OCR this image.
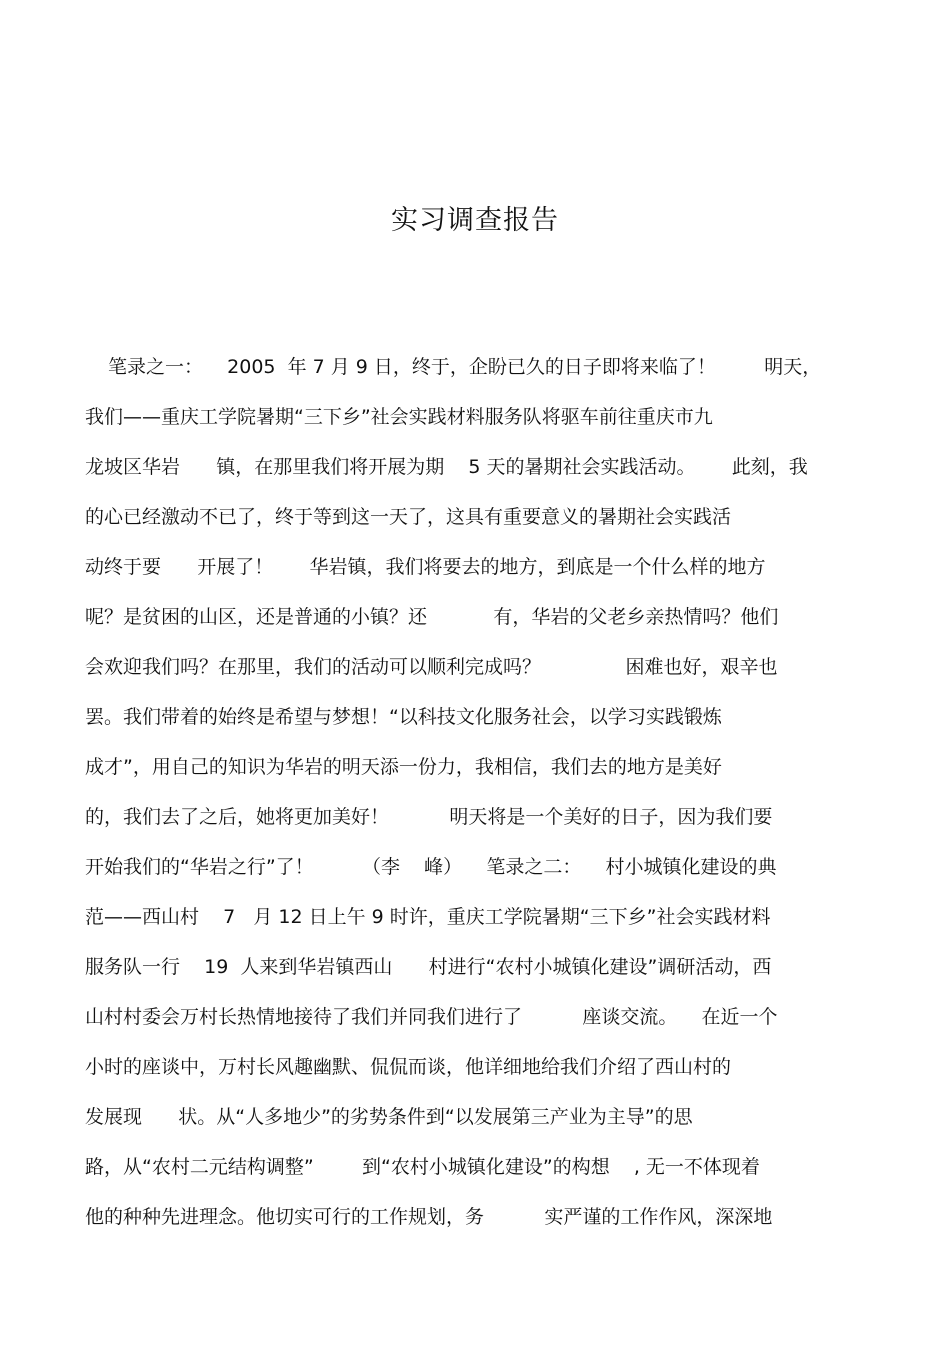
实习调查报告
笔录之一：    2005  年 7 月 9 日，终于，企盼已久的日子即将来临了！        明天，
我们——重庆工学院暑期“三下乡”社会实践材料服务队将驱车前往重庆市九
龙坡区华岩      镇，在那里我们将开展为期    5 天的暑期社会实践活动。      此刻，我
的心已经激动不已了，终于等到这一天了，这具有重要意义的暑期社会实践活
动终于要      开展了！      华岩镇，我们将要去的地方，到底是一个什么样的地方
呢？是贫困的山区，还是普通的小镇？还           有，华岩的父老乡亲热情吗？他们
会欢迎我们吗？在那里，我们的活动可以顺利完成吗？              困难也好，艰辛也
罢。我们带着的始终是希望与梦想！“以科技文化服务社会，以学习实践锻炼
成才”，用自己的知识为华岩的明天添一份力，我相信，我们去的地方是美好
的，我们去了之后，她将更加美好！          明天将是一个美好的日子，因为我们要
开始我们的“华岩之行”了！        （李    峰）    笔录之二：    村小城镇化建设的典
范——西山村    7   月 12 日上午 9 时许，重庆工学院暑期“三下乡”社会实践材料
服务队一行    19  人来到华岩镇西山      村进行“农村小城镇化建设”调研活动，西
山村村委会万村长热情地接待了我们并同我们进行了          座谈交流。    在近一个
小时的座谈中，万村长风趣幽默、侃侃而谈，他详细地给我们介绍了西山村的
发展现      状。从“人多地少”的劣势条件到“以发展第三产业为主导”的思
路，从“农村二元结构调整”        到“农村小城镇化建设”的构想    , 无一不体现着
他的种种先进理念。他切实可行的工作规划，务          实严谨的工作作风，深深地
